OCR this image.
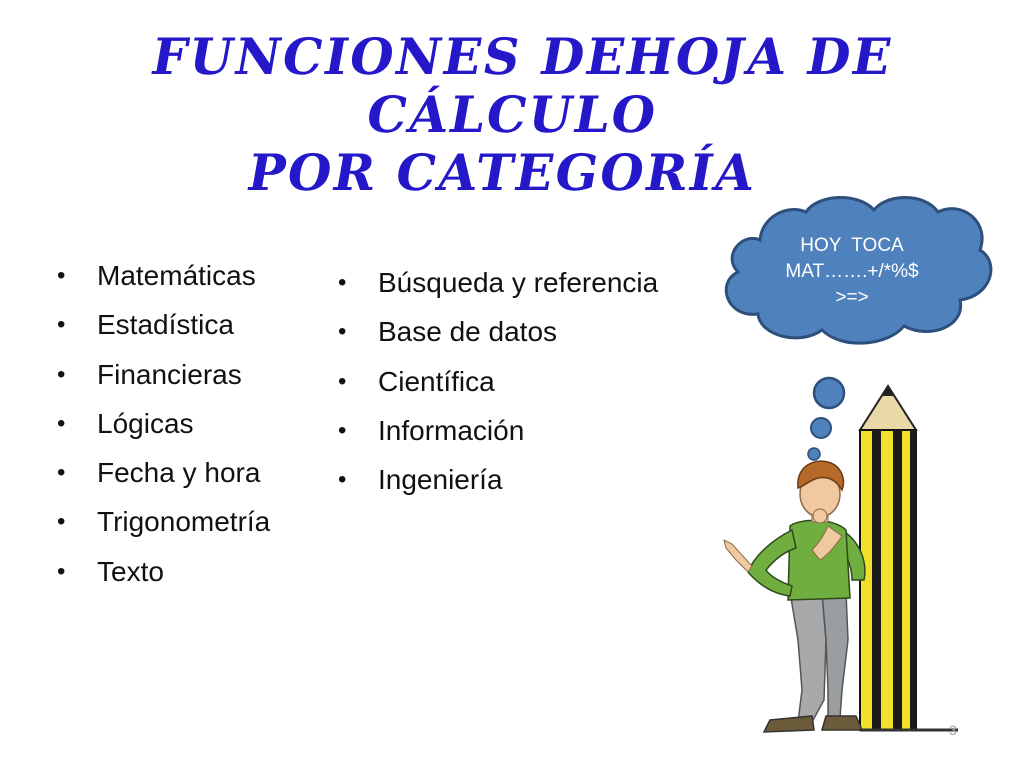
FUNCIONES DEHOJA DE CÁLCULO
POR CATEGORÍA
• Matemáticas
• Estadística
• Financieras
• Lógicas
• Fecha y hora
• Trigonometría
• Texto
• Búsqueda y referencia
• Base de datos
• Científica
• Información
• Ingeniería
HOY  TOCA
MAT…….+/*%$
>=>
3
